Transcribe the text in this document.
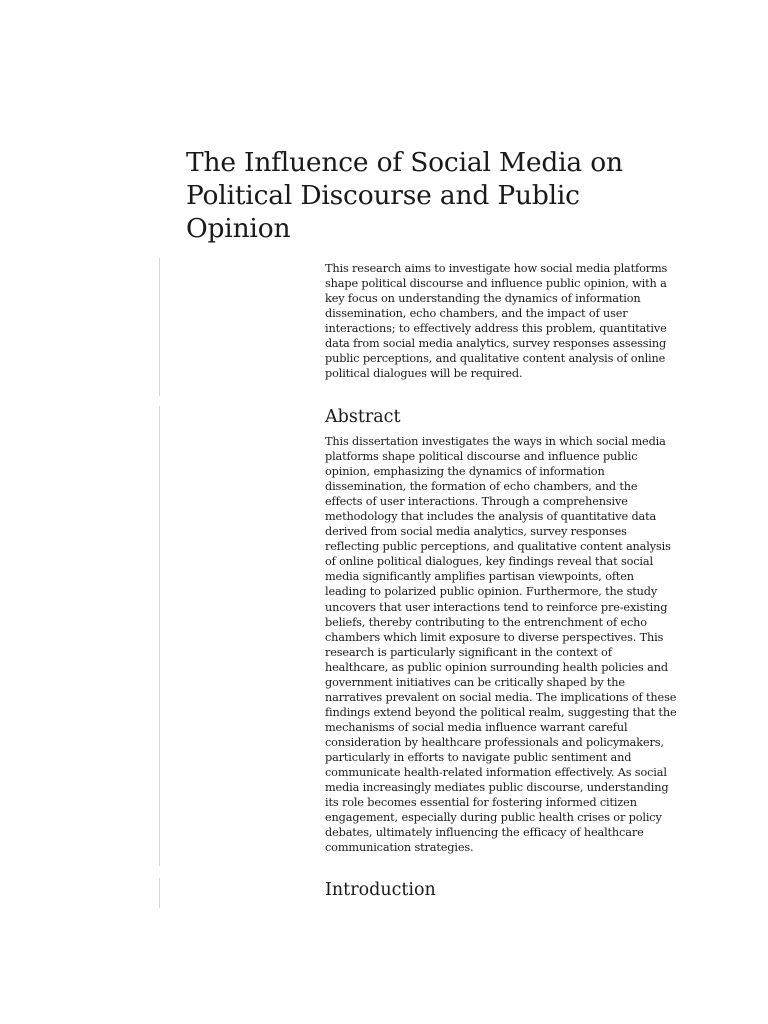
The Influence of Social Media on Political Discourse and Public Opinion

This research aims to investigate how social media platforms shape political discourse and influence public opinion, with a key focus on understanding the dynamics of information dissemination, echo chambers, and the impact of user interactions; to effectively address this problem, quantitative data from social media analytics, survey responses assessing public perceptions, and qualitative content analysis of online political dialogues will be required.

Abstract

This dissertation investigates the ways in which social media platforms shape political discourse and influence public opinion, emphasizing the dynamics of information dissemination, the formation of echo chambers, and the effects of user interactions. Through a comprehensive methodology that includes the analysis of quantitative data derived from social media analytics, survey responses reflecting public perceptions, and qualitative content analysis of online political dialogues, key findings reveal that social media significantly amplifies partisan viewpoints, often leading to polarized public opinion. Furthermore, the study uncovers that user interactions tend to reinforce pre-existing beliefs, thereby contributing to the entrenchment of echo chambers which limit exposure to diverse perspectives. This research is particularly significant in the context of healthcare, as public opinion surrounding health policies and government initiatives can be critically shaped by the narratives prevalent on social media. The implications of these findings extend beyond the political realm, suggesting that the mechanisms of social media influence warrant careful consideration by healthcare professionals and policymakers, particularly in efforts to navigate public sentiment and communicate health-related information effectively. As social media increasingly mediates public discourse, understanding its role becomes essential for fostering informed citizen engagement, especially during public health crises or policy debates, ultimately influencing the efficacy of healthcare communication strategies.

Introduction
